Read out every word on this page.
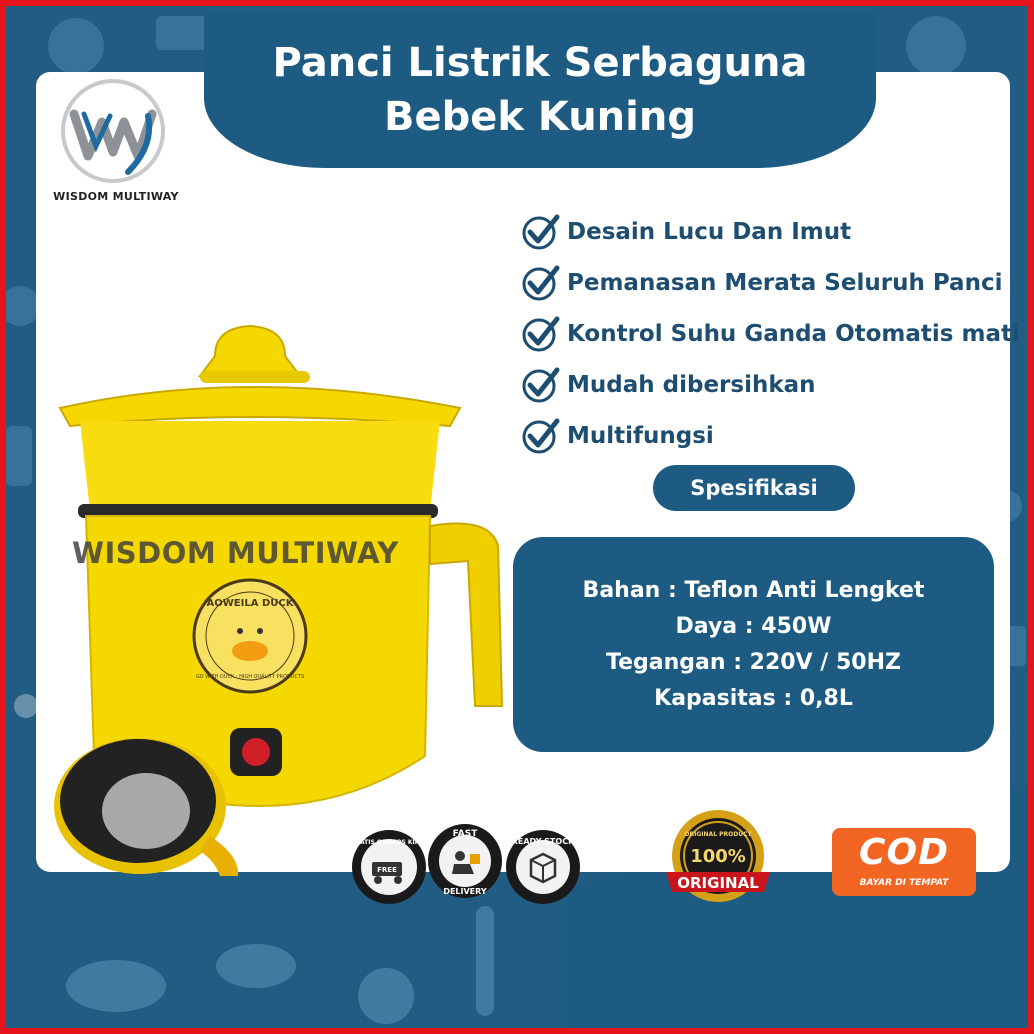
Panci Listrik Serbaguna
Bebek Kuning
WM
WISDOM MULTIWAY
Desain Lucu Dan Imut
Pemanasan Merata Seluruh Panci
Kontrol Suhu Ganda Otomatis mati
Mudah dibersihkan
Multifungsi
Spesifikasi
Bahan : Teflon Anti Lengket
Daya : 450W
Tegangan : 220V / 50HZ
Kapasitas : 0,8L
AOWEILA DUCK
GO WITH DUCK · HIGH QUALITY PRODUCTS
WISDOM MULTIWAY
GRATIS ONGKOS KIRIM
FREE
FAST
DELIVERY
READY STOCK
ORIGINAL PRODUCT
100%
ORIGINAL
COD
BAYAR DI TEMPAT
